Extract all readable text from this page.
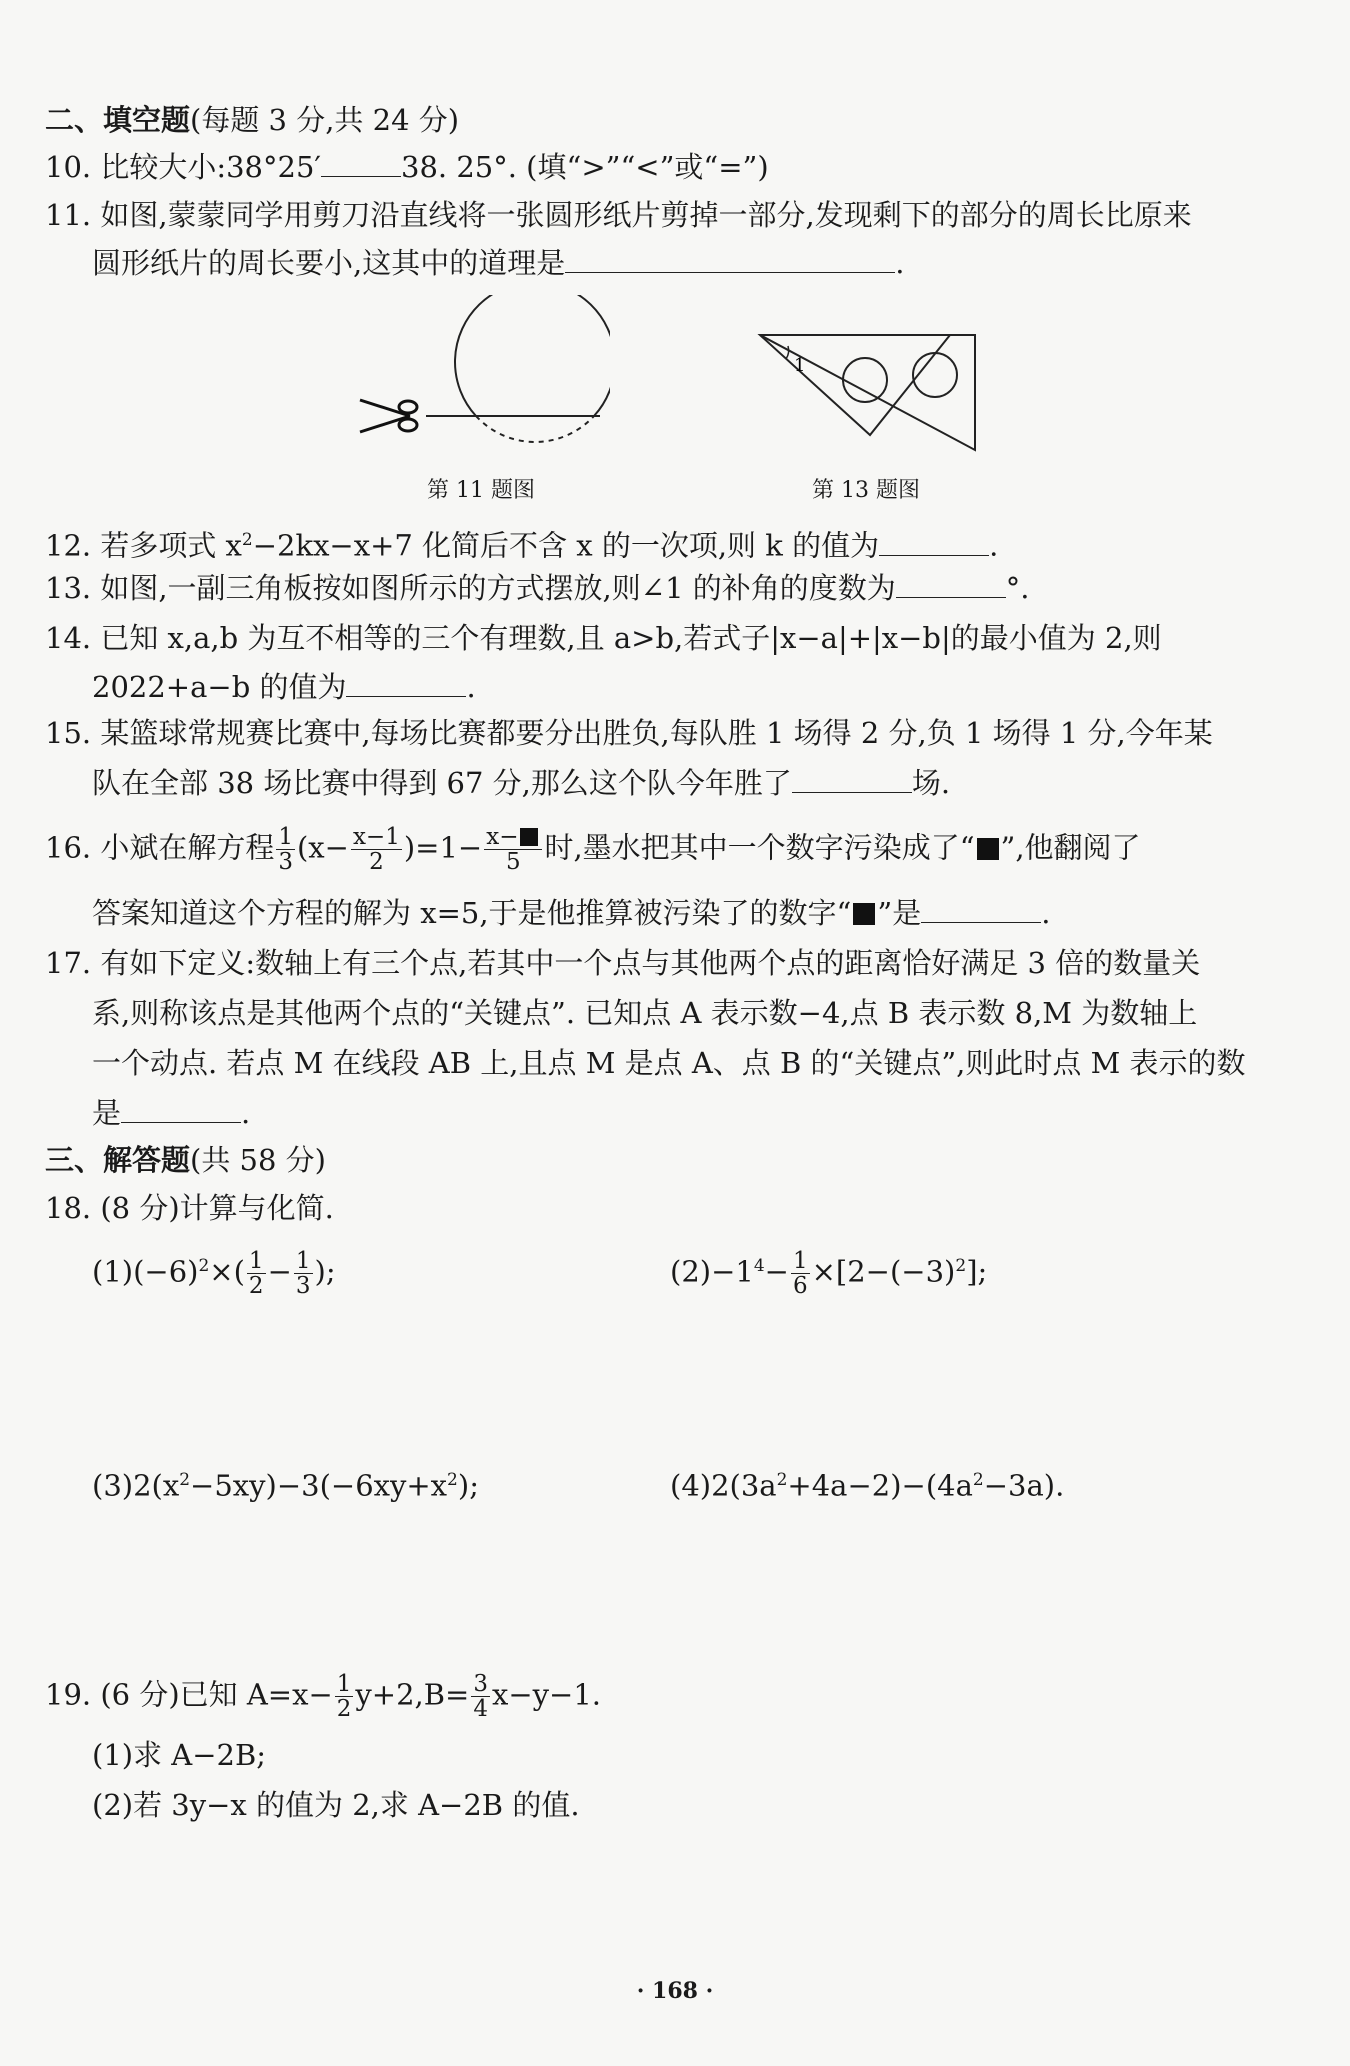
二、填空题(每题 3 分,共 24 分)
10. 比较大小:38°25′	38. 25°. (填“>”“<”或“=”)
11. 如图,蒙蒙同学用剪刀沿直线将一张圆形纸片剪掉一部分,发现剩下的部分的周长比原来
圆形纸片的周长要小,这其中的道理是	.
第 11 题图
1
第 13 题图
12. 若多项式 $x^2-2kx-x+7$ 化简后不含 x 的一次项,则 k 的值为	.
13. 如图,一副三角板按如图所示的方式摆放,则∠1 的补角的度数为	°.
14. 已知 x,a,b 为互不相等的三个有理数,且 a>b,若式子|x−a|+|x−b|的最小值为 2,则
2022+a−b 的值为	.
15. 某篮球常规赛比赛中,每场比赛都要分出胜负,每队胜 1 场得 2 分,负 1 场得 1 分,今年某
队在全部 38 场比赛中得到 67 分,那么这个队今年胜了	场.
16. 小斌在解方程 $\frac{1}{3} (x- \frac{x-1}{2} )=1- \frac{x-}{5}$ 时,墨水把其中一个数字污染成了“ ”,他翻阅了
答案知道这个方程的解为 x=5,于是他推算被污染了的数字“ ”是	.
17. 有如下定义:数轴上有三个点,若其中一个点与其他两个点的距离恰好满足 3 倍的数量关
系,则称该点是其他两个点的“关键点”. 已知点 A 表示数−4,点 B 表示数 8,M 为数轴上
一个动点. 若点 M 在线段 AB 上,且点 M 是点 A、点 B 的“关键点”,则此时点 M 表示的数
是	.
三、解答题(共 58 分)
18. (8 分)计算与化简.
$(1)(-6)^2\times( \frac{1}{2} - \frac{1}{3}$ );	$(2)-1^4- \frac{1}{6} \times[2-(-3)^2]$;
$(3)2(x^2-5xy)-3(-6xy+x^2)$;	$(4)2(3a^2+4a-2)-(4a^2-3a)$.
19. (6 分)已知 $A=x- \frac{1}{2} y+2,B= \frac{3}{4} x-y-1$.
(1)求 A−2B;
(2)若 3y−x 的值为 2,求 A−2B 的值.
· 168 ·
